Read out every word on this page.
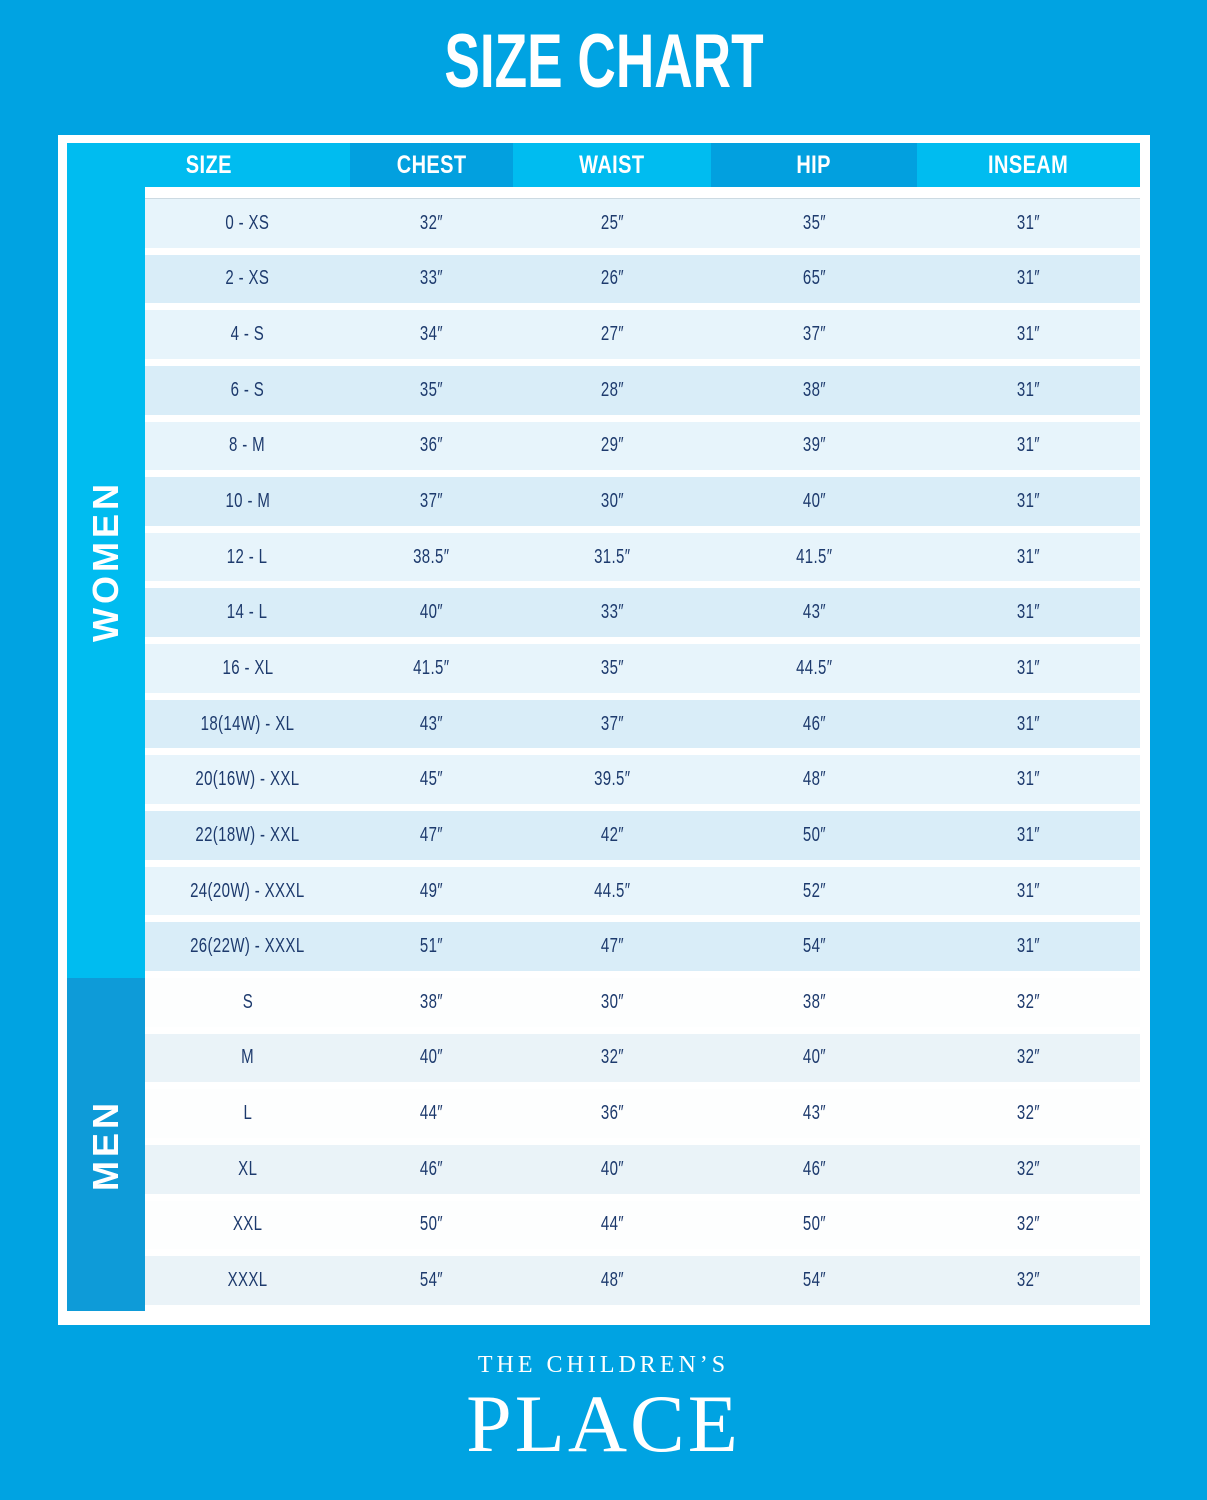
SIZE CHART
SIZE	CHEST	WAIST	HIP	INSEAM
0 - XS	32″	25″	35″	31″
2 - XS	33″	26″	65″	31″
4 - S	34″	27″	37″	31″
6 - S	35″	28″	38″	31″
8 - M	36″	29″	39″	31″
10 - M	37″	30″	40″	31″
12 - L	38.5″	31.5″	41.5″	31″
14 - L	40″	33″	43″	31″
16 - XL	41.5″	35″	44.5″	31″
18(14W) - XL	43″	37″	46″	31″
20(16W) - XXL	45″	39.5″	48″	31″
22(18W) - XXL	47″	42″	50″	31″
24(20W) - XXXL	49″	44.5″	52″	31″
26(22W) - XXXL	51″	47″	54″	31″
S	38″	30″	38″	32″
M	40″	32″	40″	32″
L	44″	36″	43″	32″
XL	46″	40″	46″	32″
XXL	50″	44″	50″	32″
XXXL	54″	48″	54″	32″
WOMEN
MEN
THE CHILDREN’S
PLACE
